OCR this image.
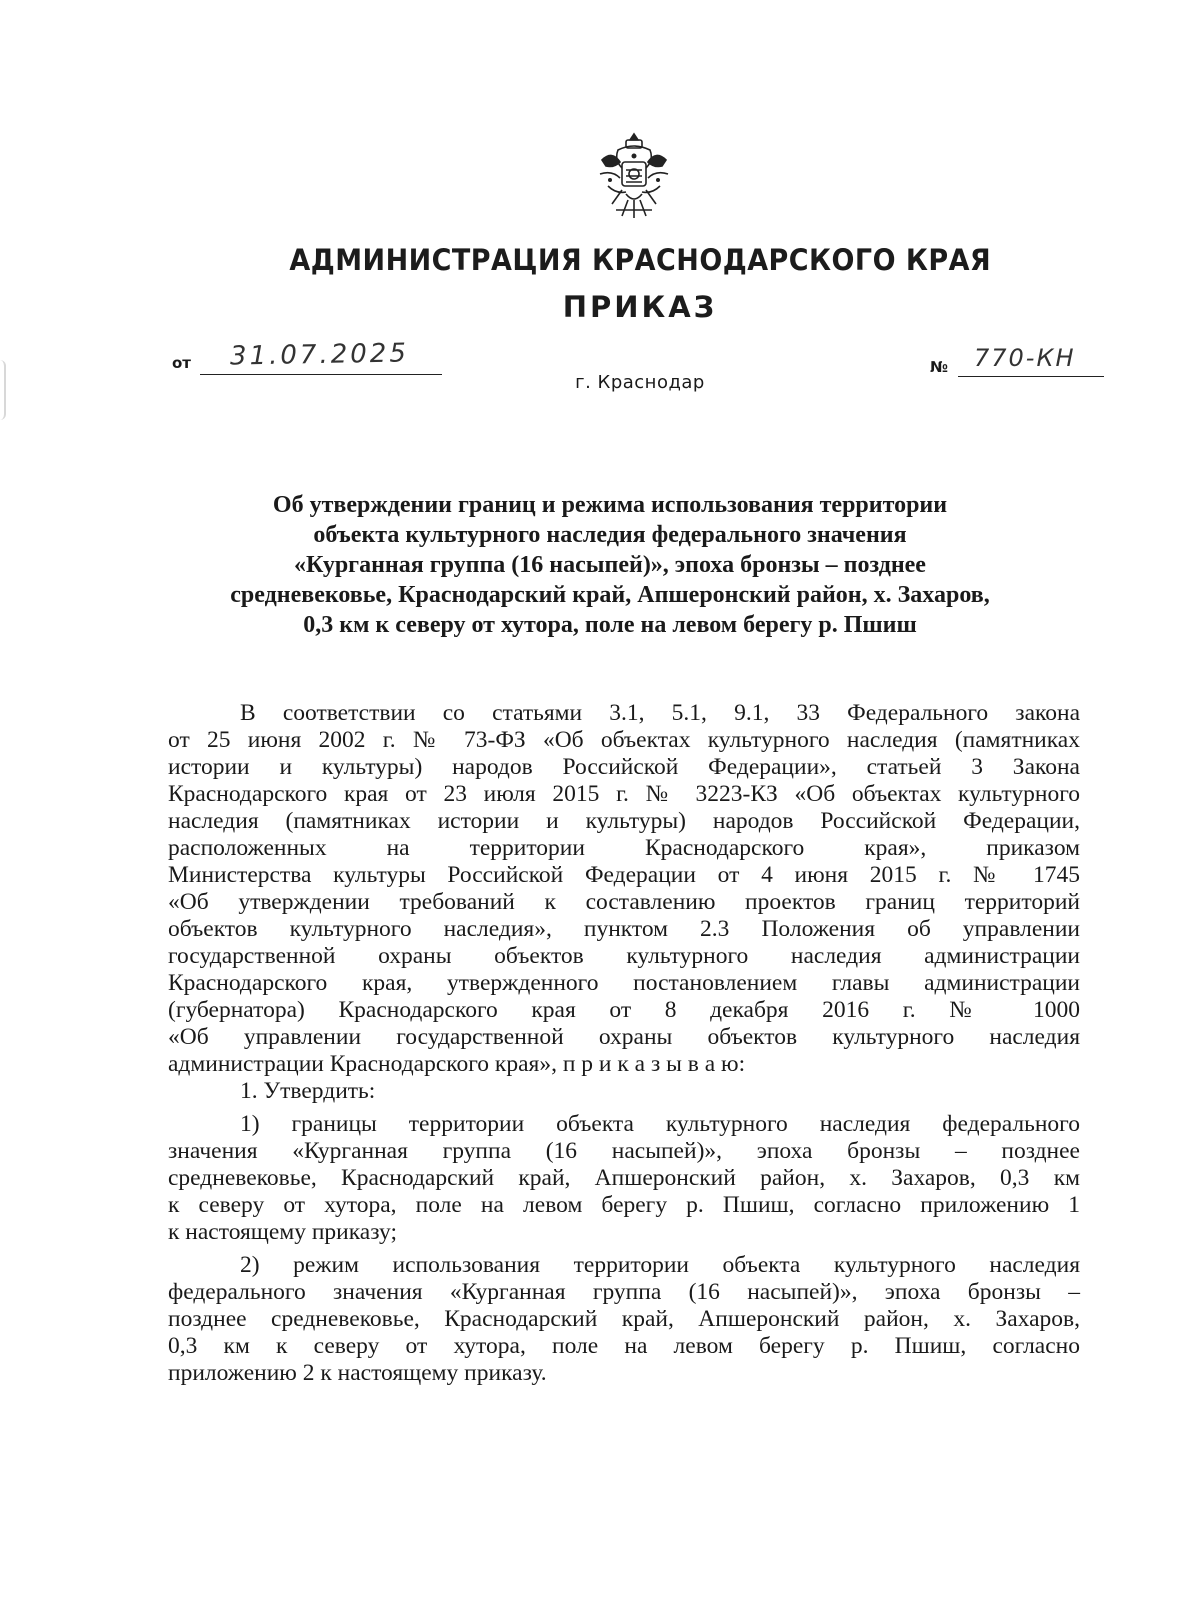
АДМИНИСТРАЦИЯ КРАСНОДАРСКОГО КРАЯ
ПРИКАЗ
от 31.07.2025	№ 770-КН
г. Краснодар
Об утверждении границ и режима использования территории
объекта культурного наследия федерального значения
«Курганная группа (16 насыпей)», эпоха бронзы – позднее
средневековье, Краснодарский край, Апшеронский район, х. Захаров,
0,3 км к северу от хутора, поле на левом берегу р. Пшиш

В соответствии со статьями 3.1, 5.1, 9.1, 33 Федерального закона

от 25 июня 2002 г. № 73-ФЗ «Об объектах культурного наследия (памятниках

истории и культуры) народов Российской Федерации», статьей 3 Закона

Краснодарского края от 23 июля 2015 г. № 3223-КЗ «Об объектах культурного

наследия (памятниках истории и культуры) народов Российской Федерации,

расположенных на территории Краснодарского края», приказом

Министерства культуры Российской Федерации от 4 июня 2015 г. № 1745

«Об утверждении требований к составлению проектов границ территорий

объектов культурного наследия», пунктом 2.3 Положения об управлении

государственной охраны объектов культурного наследия администрации

Краснодарского края, утвержденного постановлением главы администрации

(губернатора) Краснодарского края от 8 декабря 2016 г. № 1000

«Об управлении государственной охраны объектов культурного наследия

администрации Краснодарского края», п р и к а з ы в а ю:

1. Утвердить:

1) границы территории объекта культурного наследия федерального

значения «Курганная группа (16 насыпей)», эпоха бронзы – позднее

средневековье, Краснодарский край, Апшеронский район, х. Захаров, 0,3 км

к северу от хутора, поле на левом берегу р. Пшиш, согласно приложению 1

к настоящему приказу;

2) режим использования территории объекта культурного наследия

федерального значения «Курганная группа (16 насыпей)», эпоха бронзы –

позднее средневековье, Краснодарский край, Апшеронский район, х. Захаров,

0,3 км к северу от хутора, поле на левом берегу р. Пшиш, согласно

приложению 2 к настоящему приказу.
